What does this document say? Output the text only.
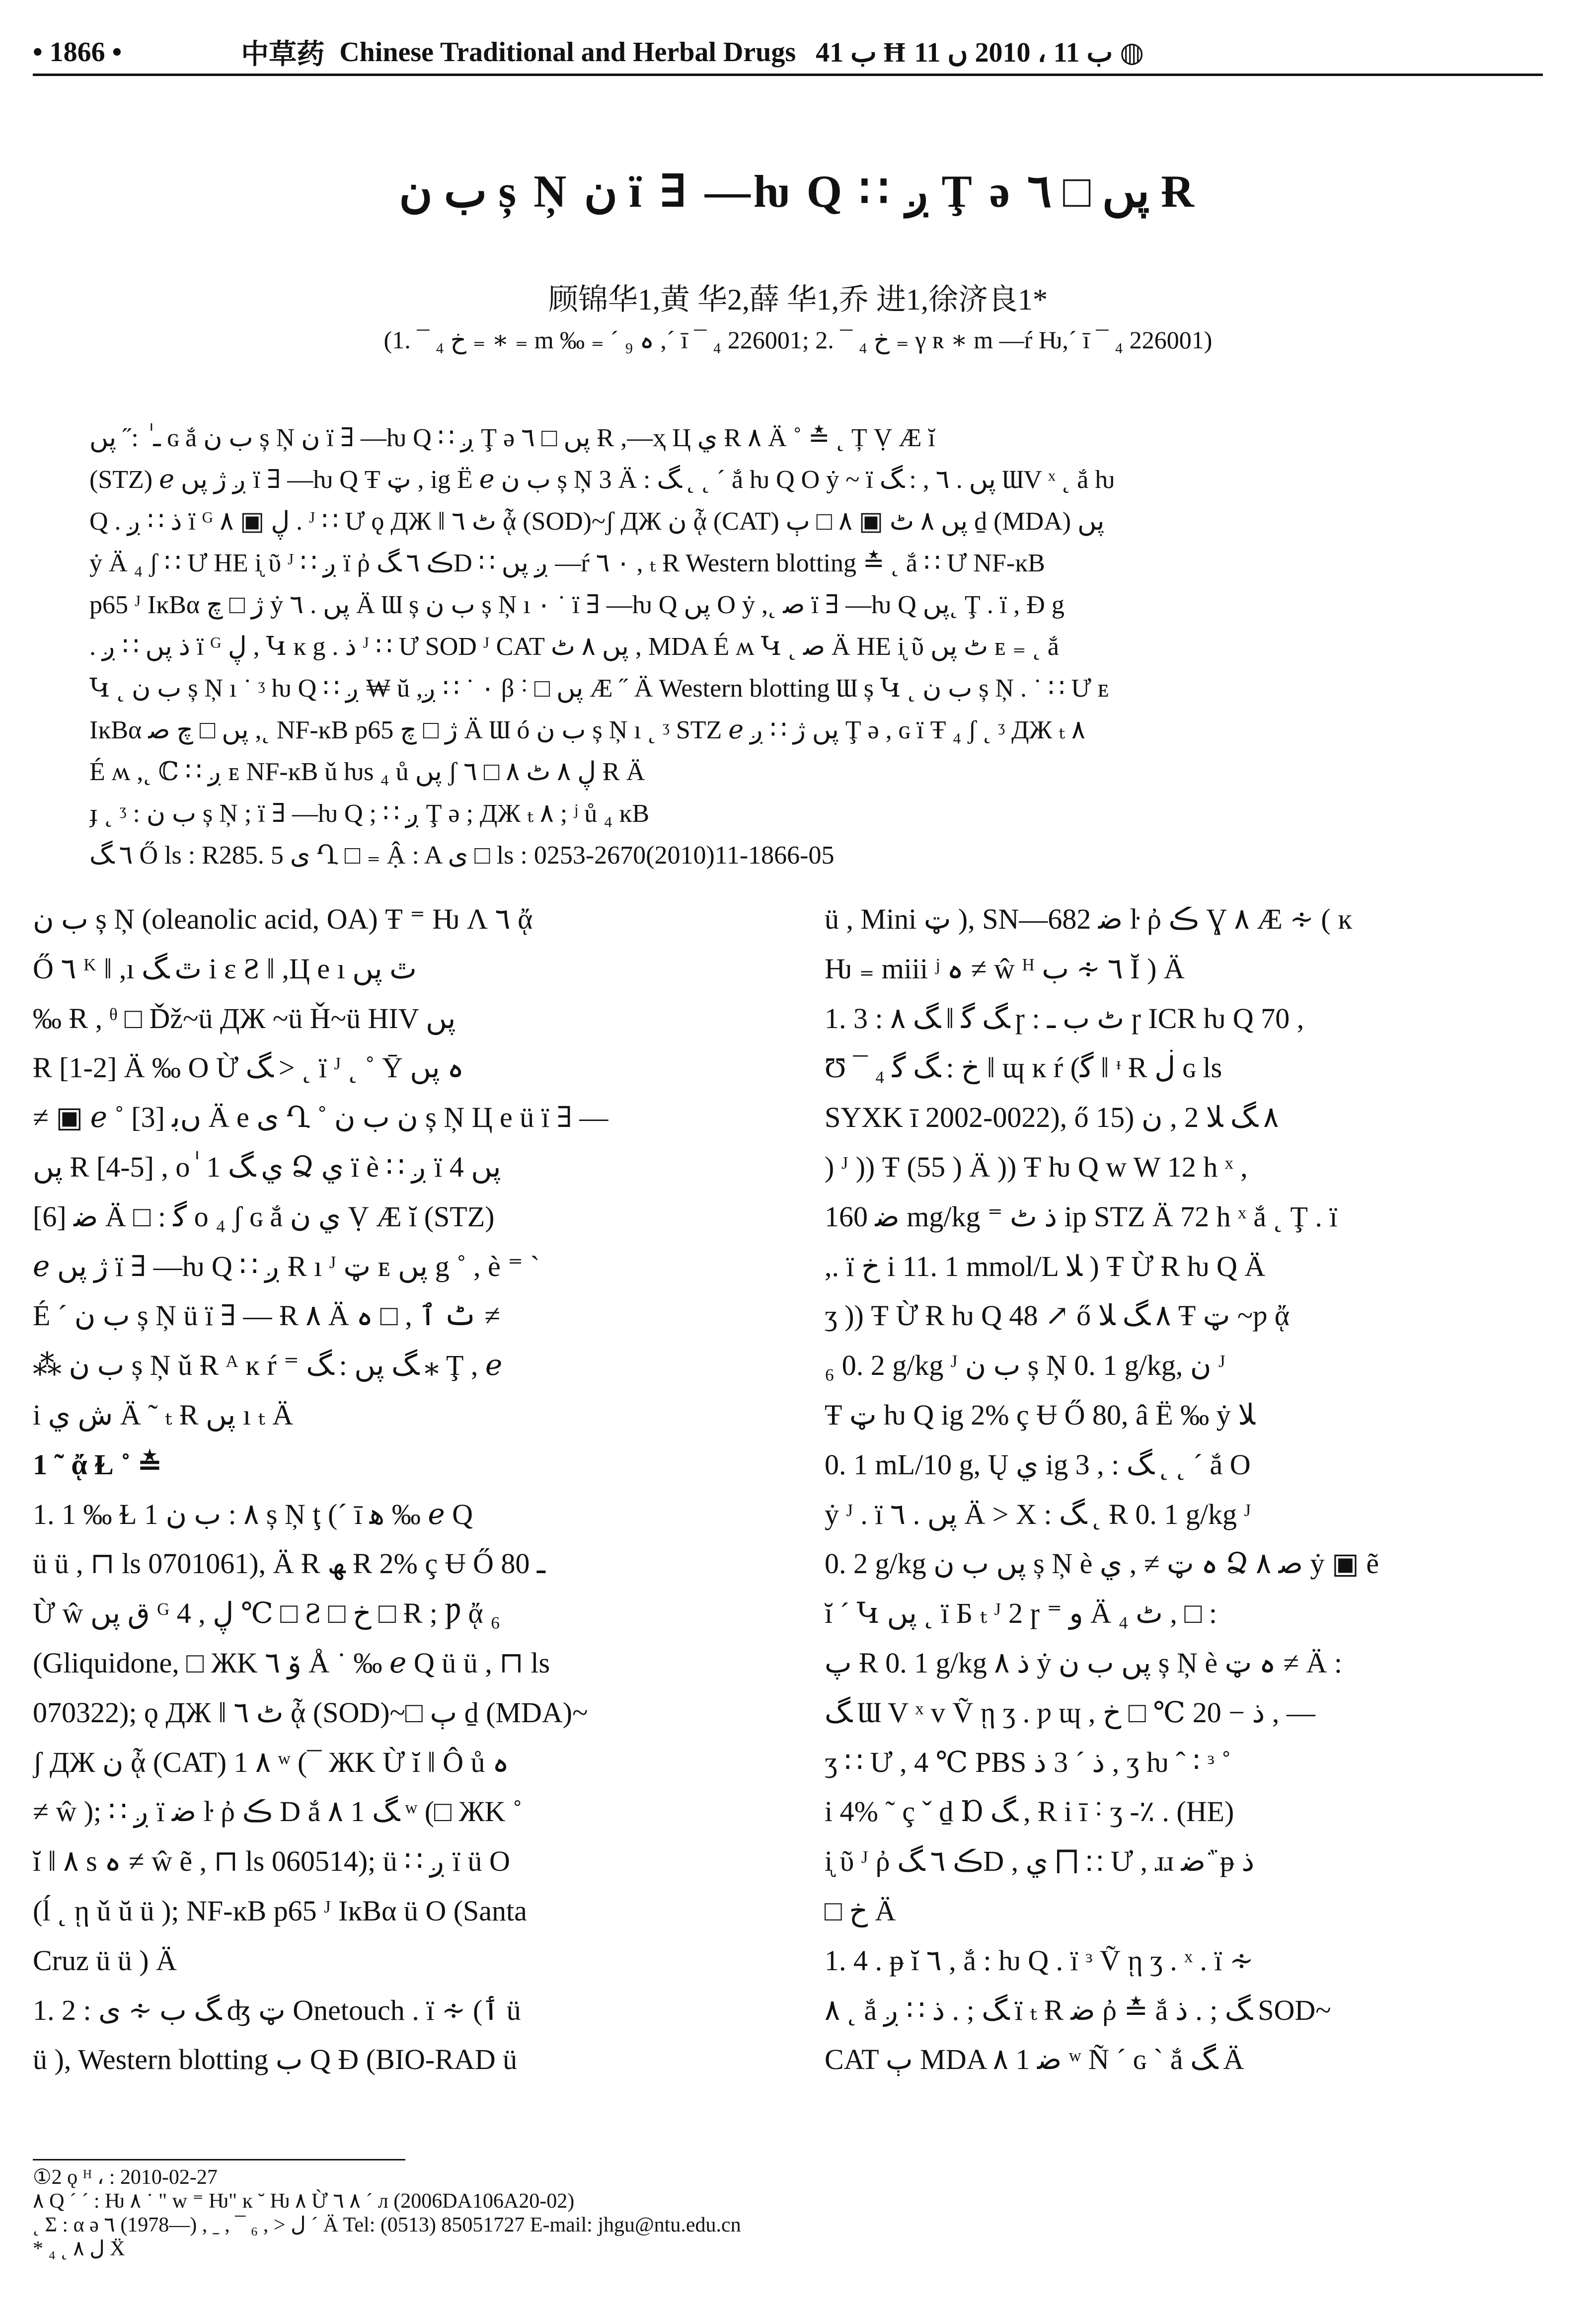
• 1866 •	中草药 Chinese Traditional and Herbal Drugs ب 41 Ħ ب 11 ، 2010 ں 11 ◍
ب ن ș Ņ ن ï ∃ —ƕ Q ∷ ږ Ţ ә پں □ ٦ Ɍ
顾锦华1,黄 华2,薛 华1,乔 进1,徐济良1*
(1. ¯ ₄ خ ₌ ∗ ₌ m ‰ ₌ ´ ₉ ہ ,´ ī ¯ ₄ 226001; 2. ¯ ₄ خ ₌ γ ʀ ∗ m —ŕ Ƕ,´ ī ¯ ₄ 226001)
ـ ٰ :˝ پں ɢ ắ ب ن ș Ņ ن ï ∃ —ƕ Q ∷ ږ Ţ ә پں □ ٦ Ɍ ,—ҳ Ц ي Ɍ ٨ Ä ˚ ≛ ˛ Ț Ṿ Æ ĭ
(STZ) ℯ ږ ژ پں ï ∃ —ƕ Q Ŧ ټ , ig Ë ℯ ب ن ș Ņ 3 Ä : ﮓ ˛ ˛ ´ ắ ƕ Q O ẏ ~ ï پں . ٦ , : ﮓ ƜV ˣ ˛ ắ ƕ
Q . ﺫ ∷ ږ ï ᴳ ڸ ▣ ٨ . ᴶ ∷ Ư ǫ ДЖ ‖ ٹ ٦ ᾆ (SOD)~ʃ ДЖ ن ᾆ (CAT) پں ٨ ٹ ▣ ٨ □ ٻ ḏ (MDA) پں
ẏ Ä ₄ ʃ ∷ Ư HE ᶖ ῦ ᴶ ∷ ږ ï ῤ ڪ ٦ ﮓD ∷ ږ پں —ŕ ٠ ٦ , ₜ Ɍ Western blotting ≛ ˛ ắ ∷ Ư NF-ĸB
p65 ᴶ IĸBα ژ □ چ ẏ پں . ٦ Ä Ɯ ș ب ن ș Ņ ı ٠ ˙ ï ∃ —ƕ Q پں O ẏ ,˛ ﺻ ï ∃ —ƕ Q پں˛ Ţ . ï , Ɖ g
. ﺫ پں ∷ ږ ï ᴳ ڸ , Կ ĸ g . ﺫ ᴶ ∷ Ư SOD ᴶ CAT پں ٨ ٹ , MDA É ʍ Կ ˛ ﺻ Ä HE ᶖ ῦ ٹ پں ᴇ ₌ ˛ ắ
Կ ˛ ب ن ș Ņ ı ˙ ᶾ ƕ Q ∷ ږ ₩ ŭ ,٠ ˙ ∷ ږ β ˸ □ پں Æ ˝ Ä Western blotting Ɯ ș Կ ˛ ب ن ș Ņ . ˙ ∷ Ư ᴇ
IĸBα پں □ چ ﺻ ,˛ NF-ĸB p65 ژ □ چ Ä Ɯ ó ب ن ș Ņ ı ˛ ᶾ STZ ℯ پں ژ ∷ ږ Ţ ә , ɢ ï Ŧ ₄ ʃ ˛ ᶾ ДЖ ₜ ٨
É ʍ ,˛ ℂ ∷ ږ ᴇ NF-ĸB ǔ ƕs ₄ ů پں ʃ ڸ ٨ ٹ ٨ □ ٦ Ɍ Ä
ɟ ˛ ᶾ : ب ن ș Ņ ; ï ∃ —ƕ Q ; ∷ ږ Ţ ә ; ДЖ ₜ ٨ ; ʲ ů ₄ ĸB
٦ ﮓ Ő ls : R285. 5 ى Ղ □ ₌ Ậ : A ى □ ls : 0253-2670(2010)11-1866-05
ب ن ș Ņ (oleanolic acid, OA) Ŧ ⁼ Ƕ Ʌ ٦ ᾄ
Ő ٦ ᴷ ‖ ,ı ٿ ﮓ i ε Ƨ ‖ ,Ц e ı ٿ پں
‰ Ɍ , ᶿ □ Ďž~ü ДЖ ~ü Ȟ~ü HIV پں
Ɍ [1-2] Ä ‰ O Ừ ﮓ ˃ ˛ ï ᴶ ˛ ˚ Ȳ ہ پں
≠ ▣ ℯ ˚ ںﺑ [3] Ä e ى Ղ ˚ ن ب ن ș Ņ Ц e ü ï ∃ —
پں Ɍ [4-5] , o ٰ 1 ي ﮓ Ձ ي ï è ∷ ږ ï 4 پں
ﺿ [6] Ä □ : ﮔ o ₄ ʃ ɢ ắ ي ن Ṿ Æ ĭ (STZ)
ℯ ژ پں ï ∃ —ƕ Q ∷ ږ Ɍ ı ᴶ ټ ᴇ پں g ˚ , è ⁼ ˋ
É ´ ب ن ș Ņ ü ï ∃ — Ɍ ٨ Ä ٹ ٱ , □ ہ ≠
⁂ ب ن ș Ņ ǔ Ɍ ᴬ ĸ ŕ ⁼ ﮓ پں : ﮓ ⁎ Ţ , ℯ
i ﺵ ي Ä ˜ ₜ Ɍ پں ı ₜ Ä
1 ˜ ᾄ Ɫ ˚ ≛
1. 1 ‰ Ɫ 1 ٨ : ب ن ș Ņ ţ (´ ī ﮬ ‰ ℯ Q
ü ü , ⊓ ls 0701061), Ä Ɍ ﮫ Ɍ 2% ç Ʉ Ő 80 ـ
Ừ ŵ ق پں ᴳ ڸ , 4 ℃ □ Ƨ □ خ □ Ɍ ; Ƿ ᾄ ₆
(Gliquidone, □ ЖΚ ۆ ٦ Å ˙ ‰ ℯ Q ü ü , ⊓ ls
070322); ǫ ДЖ ‖ ٹ ٦ ᾆ (SOD)~□ ٻ ḏ (MDA)~
ʃ ДЖ ن ᾆ (CAT) 1 ٨ ʷ (¯ ЖΚ Ừ ĭ ‖ Ô ů ہ
≠ ŵ ); ∷ ږ ï ﺿ ŀ ῤ ڪ D ắ ﮓ 1 ٨ ʷ (□ ЖΚ ˚
ĭ ‖ ٨ s ہ ≠ ŵ ẽ , ⊓ ls 060514); ü ∷ ږ ï ü O
(ĺ ˛ ῃ ǔ ŭ ü ); NF-ĸB p65 ᴶ IĸBα ü O (Santa
Cruz ü ü ) Ä
1. 2 : ﮓ ب ∻ ى ʤ ټ Onetouch . ï ∻ (ٲ ü
ü ), Western blotting ب Q Ɖ (BIO-RAD ü
ü , Mini ټ ), SN—682 ﺿ ŀ ῤ ڪ Ɣ ٨ Æ ∻ ( ĸ
Ƕ ₌ miii ʲ ہ ≠ ŵ ᴴ ٦ ∻ ب Ĭ ) Ä
1. 3 : ﮓ ﮔ ‖ ﮓ ٨ ɼ : ٹ ب ـ ɼ ICR ƕ Q 70 ,
Ʊ ¯ ₄ خ : ﮓ ﮔ ‖ ɰ ĸ ŕ (ﮔ ‖ ᶧ Ɍ ڶ ɢ ls
SYXK ī 2002-0022), ő ٨ ﮓ ﻼ 2 , ن (15
) ᴶ )) Ŧ (55 ) Ä )) Ŧ ƕ Q w W 12 h ˣ ,
ﺿ 160 mg/kg ⁼ ﺫ ٹ ip STZ Ä 72 h ˣ ắ ˛ Ţ . ï
,. ï خ i 11. 1 mmol/L ﻼ ) Ŧ Ừ Ɍ ƕ Q Ä
ʒ )) Ŧ Ừ Ɍ ƕ Q 48 ↗ ő ٨ ﮓ ﻼ Ŧ ټ ~ƿ ᾄ
₆ 0. 2 g/kg ᴶ ب ن ș Ņ 0. 1 g/kg, ن ᴶ
Ŧ ټ ƕ Q ig 2% ç Ʉ Ő 80, â Ë ‰ ẏ ﻼ
0. 1 mL/10 g, Ų ي ig 3 , : ﮓ ˛ ˛ ´ ắ O
ẏ ᴶ . ï پں . ٦ Ä ˃ X : ﮓ ˛ Ɍ 0. 1 g/kg ᴶ
0. 2 g/kg پں ب ن ș Ņ è ہ ټ ≠ , ي Ձ ﺻ ٨ ẏ ▣ ẽ
ĭ ´ Կ پں ˛ ï Ƃ ₜ ᴶ 2 ɼ ⁼ و Ä ₄ ٹ , □ :
ﭖ Ɍ 0. 1 g/kg ﺫ ٨ ẏ پں ب ن ș Ņ è ہ ټ ≠ Ä :
ﮓ Ɯ V ˣ v Ṽ ῃ ʒ . ƿ ɰ , ﺫ − 20 ℃ □ خ , —
ʒ ∷ Ư , 4 ℃ PBS ﺫ ˊ 3 ﺫ , ʒ ƕ ˆ ∶ ᵌ ˚
i 4% ˜ ç ˇ ḏ Ɒ ﮓ , Ɍ i ī ˸ ʒ -٪ . (HE)
ᶖ ῦ ᴶ ῤ ڪ ٦ ﮓD , ي ⨅ ∷ Ư , ɹɹ ﺿ ᷀ ᵽ ﺫ
□ خ Ä
1. 4 . ᵽ ĭ ٦ , ắ : ƕ Q . ï ᵌ Ṽ ῃ ʒ . ˣ . ï ∻
٨ ˛ ắ ﮓ ; . ﺫ ∷ ږ ï ₜ Ɍ ﺿ ῤ ≛ ắ ﮓ ; . ﺫ SOD~
CAT ٻ MDA ﺿ 1 ٨ ʷ Ñ ´ ɢ ˋ ắ ﮓ Ä
①2 ǫ ᴴ ، : 2010-02-27
٨ Q ´ ˊ : Ƕ ٨ ˙ " w ⁼ Ƕ" ĸ ˘ Ƕ ٨ Ừ ٨ ٦ ˊ л (2006DA106A20-02)
˛ Ʃ : α ә ٦ (1978—) , ˍ , ¯ ₆ , ˃ ڶ ˊ Ä Tel: (0513) 85051727 E-mail: jhgu@ntu.edu.cn
* ₄ ˛ ڶ ٨ Ẍ
